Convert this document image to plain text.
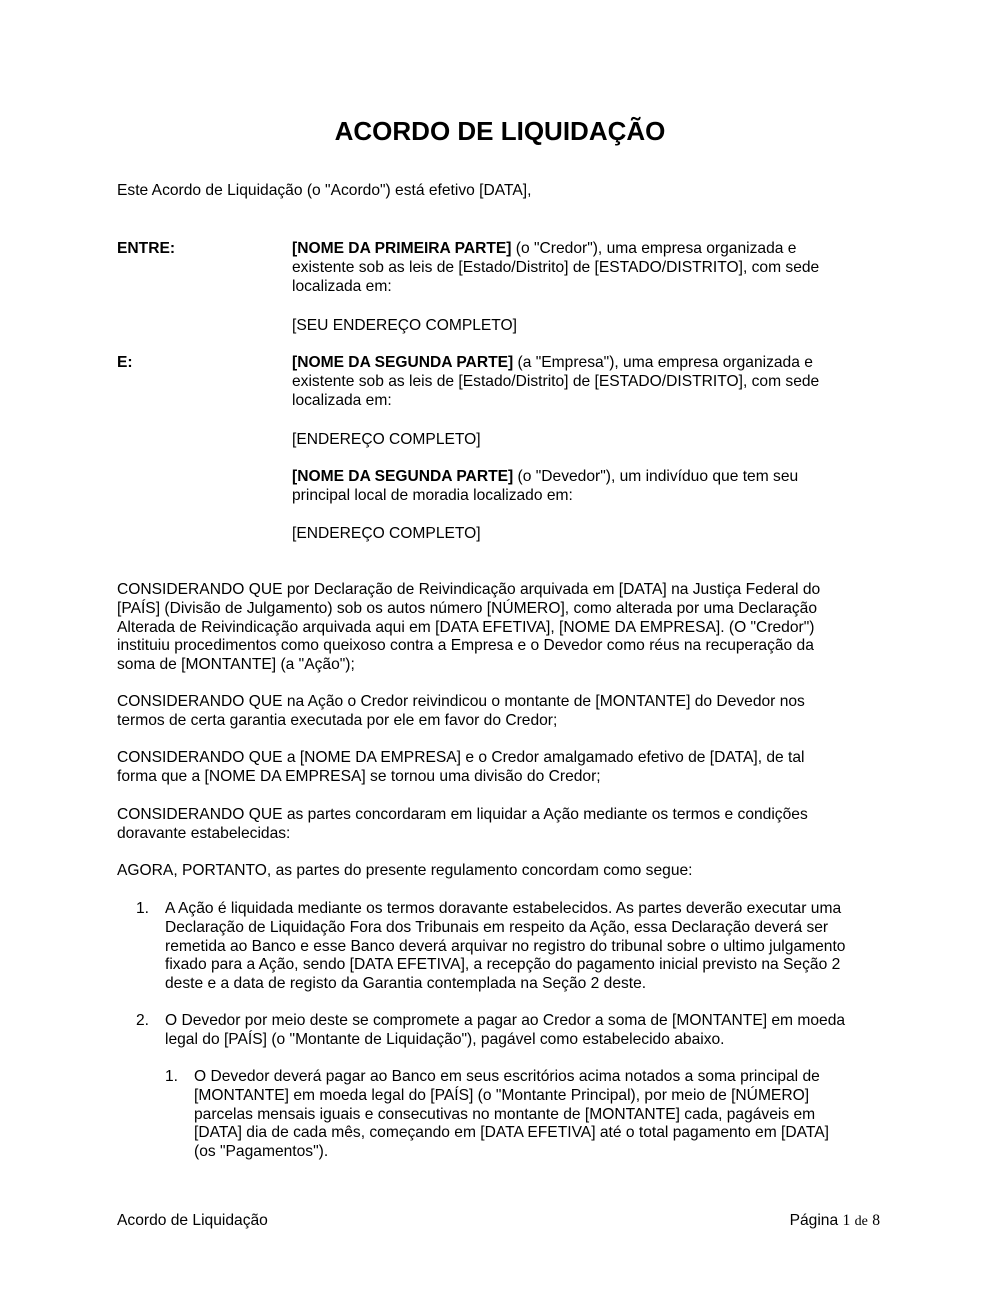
ACORDO DE LIQUIDAÇÃO
Este Acordo de Liquidação (o "Acordo") está efetivo [DATA],
ENTRE:	[NOME DA PRIMEIRA PARTE] (o "Credor"), uma empresa organizada e
existente sob as leis de [Estado/Distrito] de [ESTADO/DISTRITO], com sede
localizada em:
[SEU ENDEREÇO COMPLETO]
E:	[NOME DA SEGUNDA PARTE] (a "Empresa"), uma empresa organizada e
existente sob as leis de [Estado/Distrito] de [ESTADO/DISTRITO], com sede
localizada em:
[ENDEREÇO COMPLETO]
[NOME DA SEGUNDA PARTE] (o "Devedor"), um indivíduo que tem seu
principal local de moradia localizado em:
[ENDEREÇO COMPLETO]
CONSIDERANDO QUE por Declaração de Reivindicação arquivada em [DATA] na Justiça Federal do
[PAÍS] (Divisão de Julgamento) sob os autos número [NÚMERO], como alterada por uma Declaração
Alterada de Reivindicação arquivada aqui em [DATA EFETIVA], [NOME DA EMPRESA]. (O "Credor")
instituiu procedimentos como queixoso contra a Empresa e o Devedor como réus na recuperação da
soma de [MONTANTE] (a "Ação");
CONSIDERANDO QUE na Ação o Credor reivindicou o montante de [MONTANTE] do Devedor nos
termos de certa garantia executada por ele em favor do Credor;
CONSIDERANDO QUE a [NOME DA EMPRESA] e o Credor amalgamado efetivo de [DATA], de tal
forma que a [NOME DA EMPRESA] se tornou uma divisão do Credor;
CONSIDERANDO QUE as partes concordaram em liquidar a Ação mediante os termos e condições
doravante estabelecidas:
AGORA, PORTANTO, as partes do presente regulamento concordam como segue:
1. A Ação é liquidada mediante os termos doravante estabelecidos. As partes deverão executar uma
Declaração de Liquidação Fora dos Tribunais em respeito da Ação, essa Declaração deverá ser
remetida ao Banco e esse Banco deverá arquivar no registro do tribunal sobre o ultimo julgamento
fixado para a Ação, sendo [DATA EFETIVA], a recepção do pagamento inicial previsto na Seção 2
deste e a data de registo da Garantia contemplada na Seção 2 deste.
2. O Devedor por meio deste se compromete a pagar ao Credor a soma de [MONTANTE] em moeda
legal do [PAÍS] (o "Montante de Liquidação"), pagável como estabelecido abaixo.
1. O Devedor deverá pagar ao Banco em seus escritórios acima notados a soma principal de
[MONTANTE] em moeda legal do [PAÍS] (o "Montante Principal), por meio de [NÚMERO]
parcelas mensais iguais e consecutivas no montante de [MONTANTE] cada, pagáveis em
[DATA] dia de cada mês, começando em [DATA EFETIVA] até o total pagamento em [DATA]
(os "Pagamentos").
Acordo de Liquidação	Página 1 de 8
